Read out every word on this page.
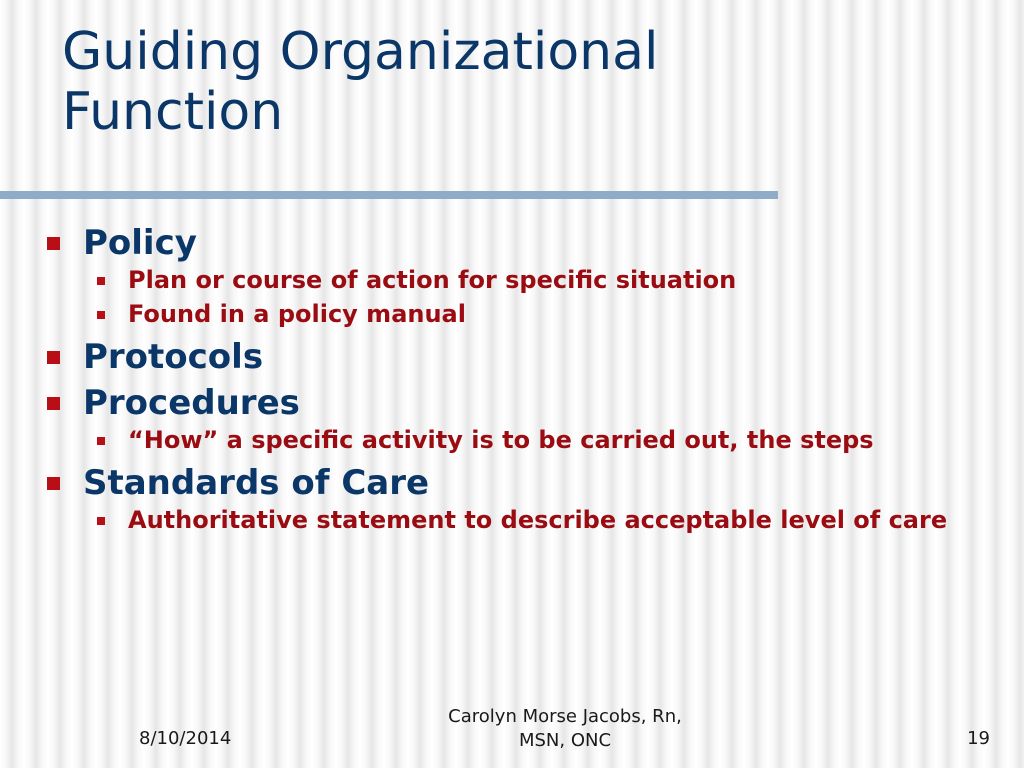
Guiding Organizational
Function
Policy
Plan or course of action for specific situation
Found in a policy manual
Protocols
Procedures
“How” a specific activity is to be carried out, the steps
Standards of Care
Authoritative statement to describe acceptable level of care
8/10/2014
Carolyn Morse Jacobs, Rn,
MSN, ONC	19
